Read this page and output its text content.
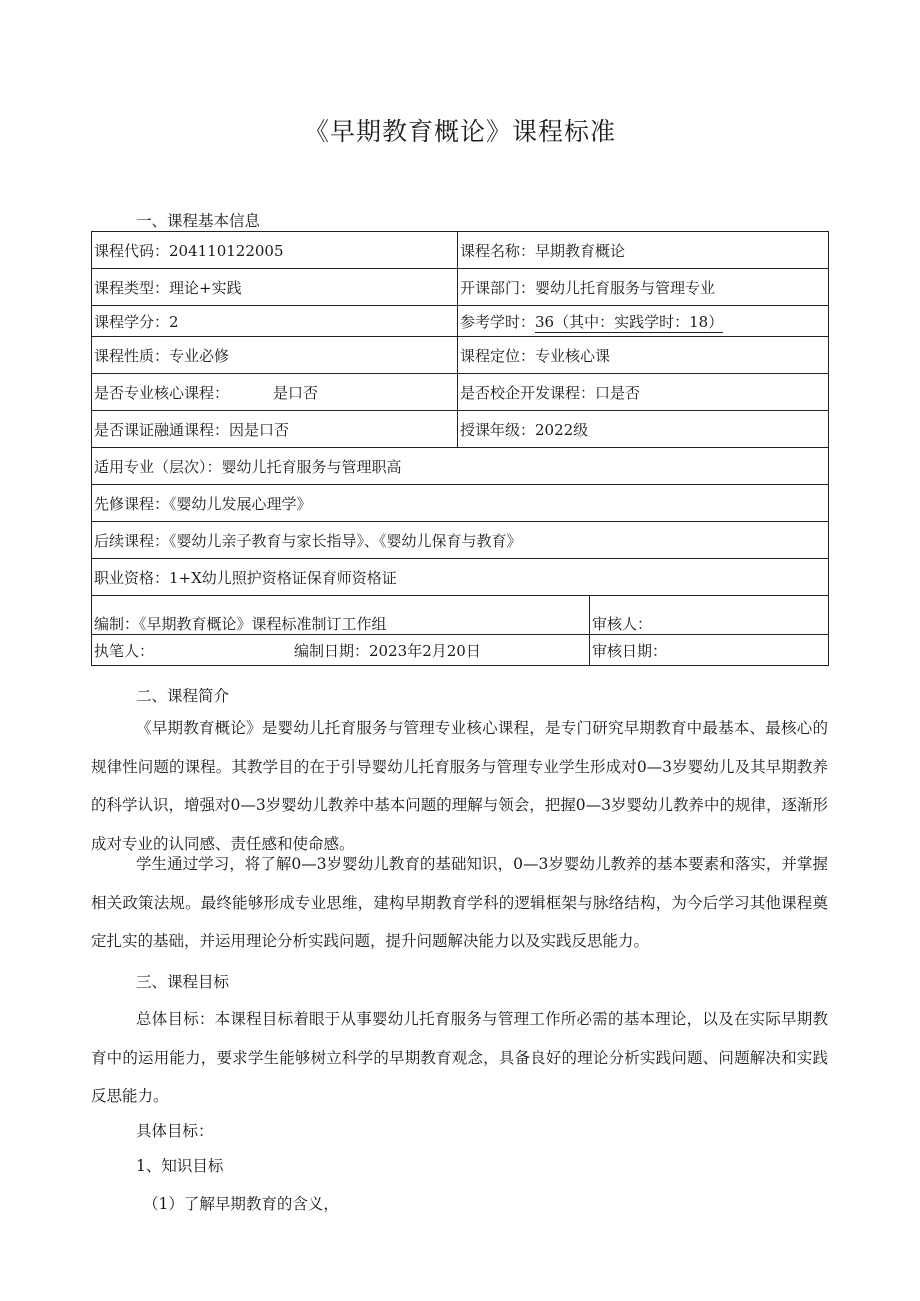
《早期教育概论》课程标准
一、课程基本信息
课程代码：204110122005	课程名称：早期教育概论	
课程类型：理论+实践	开课部门：婴幼儿托育服务与管理专业	
课程学分：2	参考学时：36（其中：实践学时：18）	
课程性质：专业必修	课程定位：专业核心课	
是否专业核心课程： 是口否	是否校企开发课程：口是否	
是否课证融通课程：因是口否	授课年级：2022级	
适用专业（层次）：婴幼儿托育服务与管理职高		
先修课程：《婴幼儿发展心理学》		
后续课程：《婴幼儿亲子教育与家长指导》、《婴幼儿保育与教育》		
职业资格：1+X幼儿照护资格证保育师资格证		
编制：《早期教育概论》课程标准制订工作组		审核人：
执笔人： 编制日期：2023年2月20日		审核日期：
二、课程简介

《早期教育概论》是婴幼儿托育服务与管理专业核心课程，是专门研究早期教育中最基本、最核心的规律性问题的课程。其教学目的在于引导婴幼儿托育服务与管理专业学生形成对0—3岁婴幼儿及其早期教养的科学认识，增强对0—3岁婴幼儿教养中基本问题的理解与领会，把握0—3岁婴幼儿教养中的规律，逐渐形成对专业的认同感、责任感和使命感。

学生通过学习，将了解0—3岁婴幼儿教育的基础知识，0—3岁婴幼儿教养的基本要素和落实，并掌握相关政策法规。最终能够形成专业思维，建构早期教育学科的逻辑框架与脉络结构，为今后学习其他课程奠定扎实的基础，并运用理论分析实践问题，提升问题解决能力以及实践反思能力。

三、课程目标

总体目标：本课程目标着眼于从事婴幼儿托育服务与管理工作所必需的基本理论，以及在实际早期教育中的运用能力，要求学生能够树立科学的早期教育观念，具备良好的理论分析实践问题、问题解决和实践反思能力。

具体目标：
1、知识目标
（1）了解早期教育的含义，
